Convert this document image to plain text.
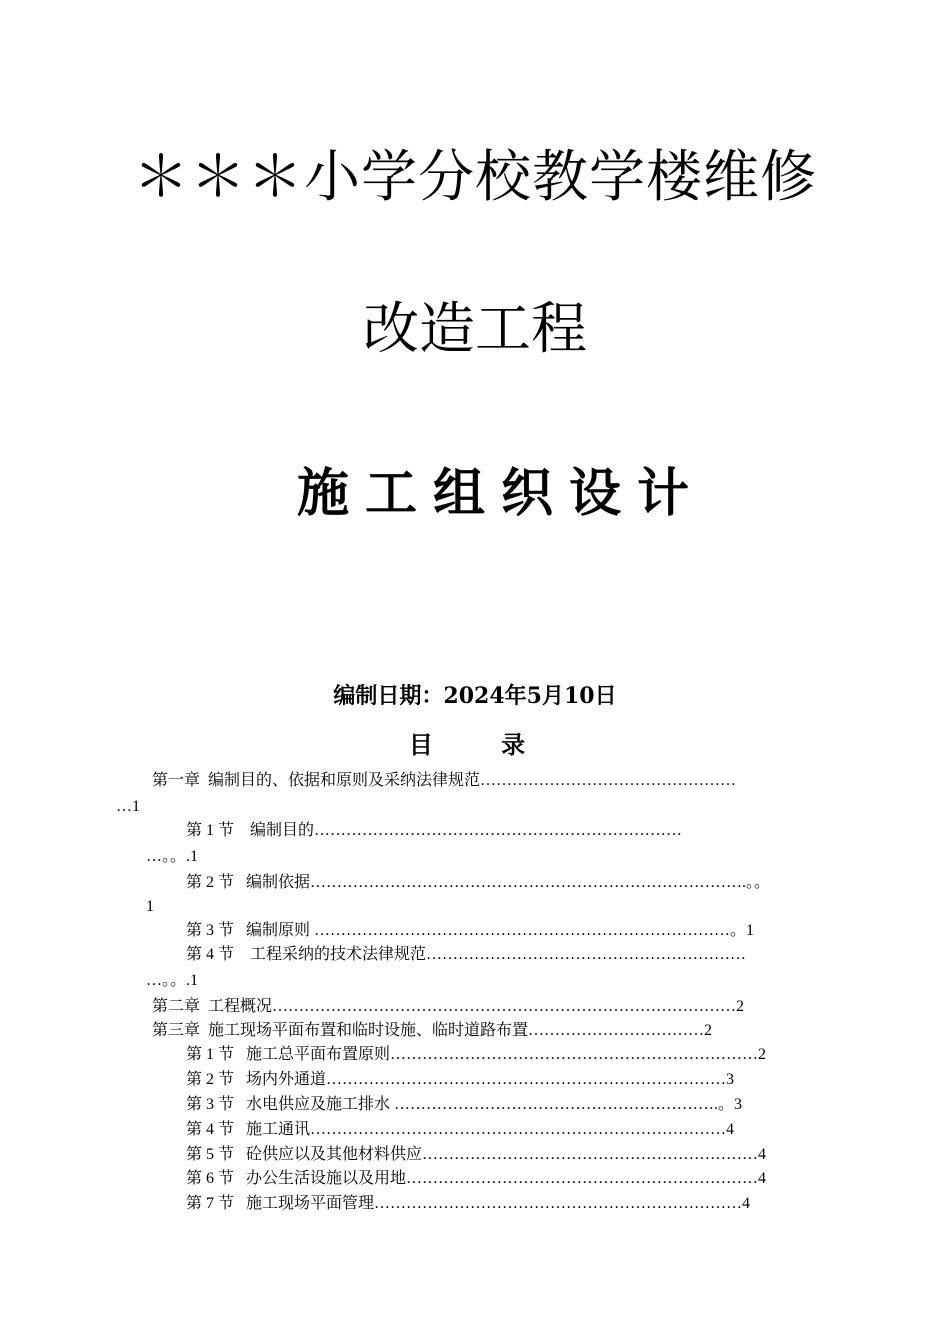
＊＊＊小学分校教学楼维修
改造工程
施工组织设计
编制日期：2024年5月10日
目 录
第一章  编制目的、依据和原则及采纳法律规范…………………………………………
…1
第 1 节    编制目的……………………………………………………………
…。。.1
第 2 节   编制依据……………………………………………………………………….。。
1
第 3 节   编制原则 ……………………………………………………………………。1
第 4 节    工程采纳的技术法律规范……………………………………………………
…。。.1
第二章  工程概况……………………………………………………………………………2
第三章  施工现场平面布置和临时设施、临时道路布置……………………………2
第 1 节   施工总平面布置原则……………………………………………………………2
第 2 节   场内外通道…………………………………………………………………3
第 3 节   水电供应及施工排水 …………………………………………………….。3
第 4 节   施工通讯……………………………………………………………………4
第 5 节   砼供应以及其他材料供应………………………………………………………4
第 6 节   办公生活设施以及用地…………………………………………………………4
第 7 节   施工现场平面管理……………………………………………………………4
